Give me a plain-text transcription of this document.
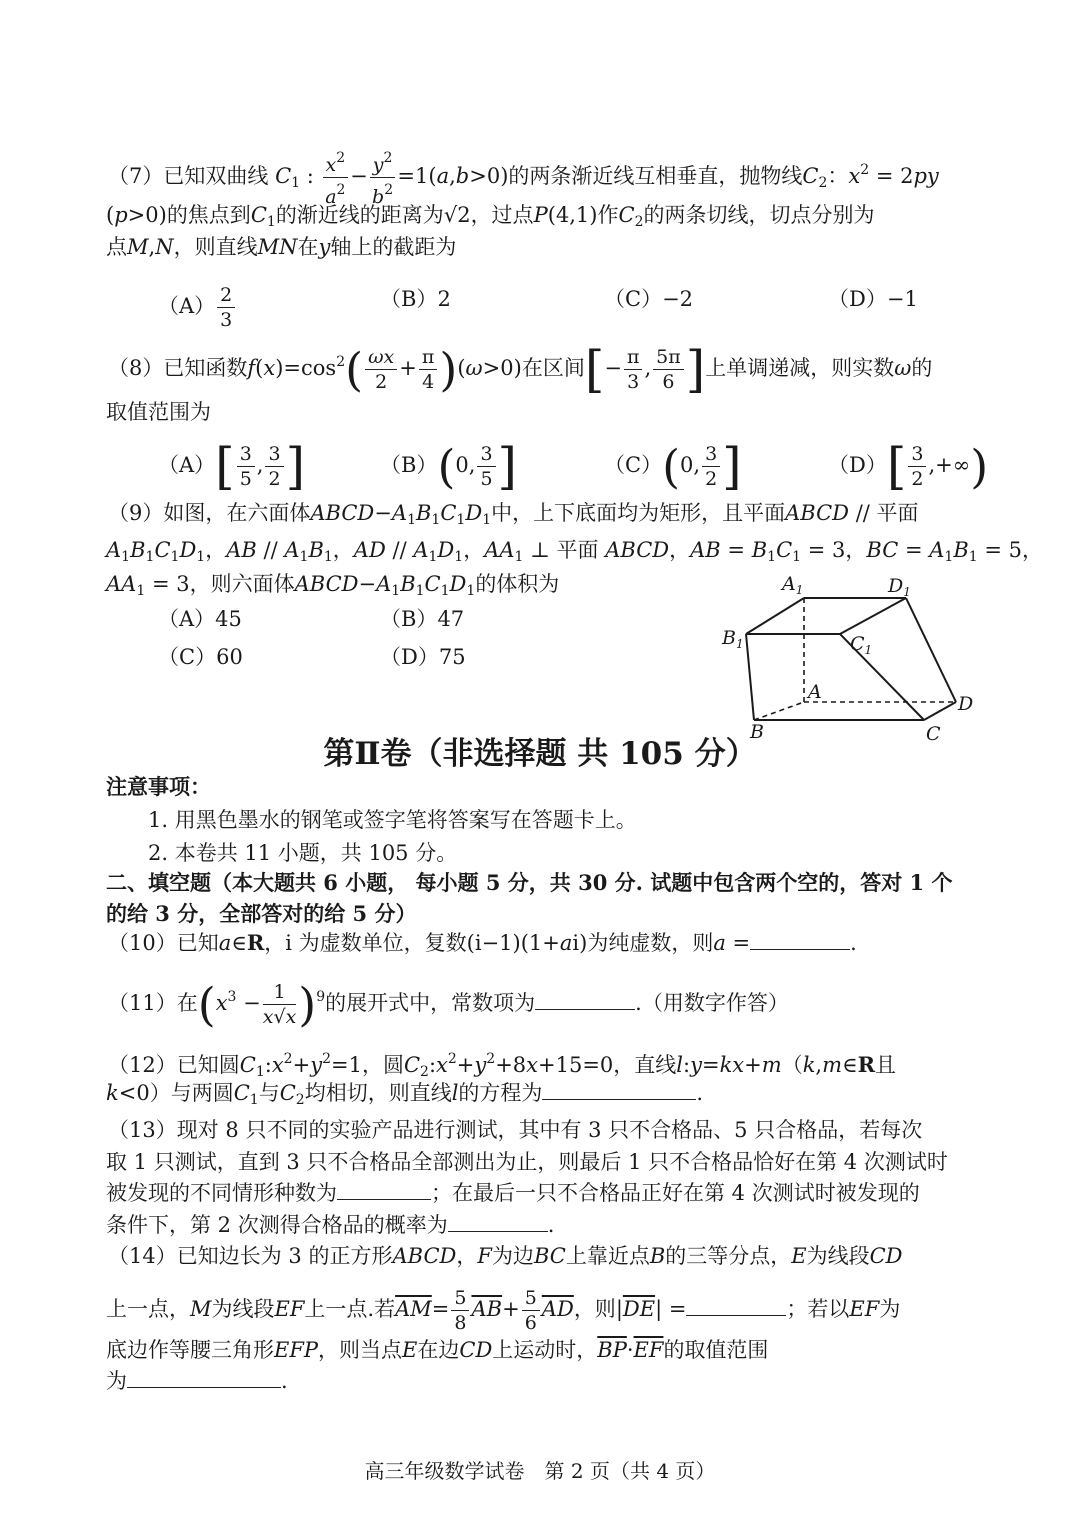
（7）已知双曲线 $C_1$ : $\frac{x^2}{a^2} - \frac{y^2}{b^2} =1(a,b>0)$的两条渐近线互相垂直，抛物线$C_2$：$x^2 = 2py$
(p>0)的焦点到$C_1$的渐近线的距离为√2，过点P(4,1)作$C_2$的两条切线，切点分别为
点M,N，则直线MN在y轴上的截距为
$(A) \frac{2}{3}$	（B）2	（C）−2	（D）−1
（8）已知函数$f(x)=\cos^2( \frac{\omega x}{2} + \frac{\pi}{4} )(\omega>0)$在区间[− $\frac{\pi}{3}$ , $\frac{5\pi}{6}$ ]上单调递减，则实数ω的
取值范围为
$(A)[ \frac{3}{5}$ , $\frac{3}{2}$ ]	（B）(0, $\frac{3}{5}$ ]	（C）(0, $\frac{3}{2}$ ]	$(D)[ \frac{3}{2}$ ,+∞)
（9）如图，在六面体$ABCD-A_1B_1C_1D_1$中，上下底面均为矩形，且平面ABCD // 平面
$A_1B_1C_1D_1$，AB // $A_1B_1$，AD // $A_1D_1$，$AA_1$ ⊥ 平面 ABCD，AB = $B_1C_1 = 3$，BC = $A_1B_1 = 5$，
$AA_1 = 3$，则六面体$ABCD-A_1B_1C_1D_1$的体积为
（A）45	（B）47
（C）60	（D）75
$A_1$	$D_1$
$B_1$	$C_1$
A
D
B	C
第Ⅱ卷（非选择题 共 105 分）
注意事项：
1. 用黑色墨水的钢笔或签字笔将答案写在答题卡上。
2. 本卷共 11 小题，共 105 分。
二、填空题（本大题共 6 小题， 每小题 5 分，共 30 分. 试题中包含两个空的，答对 1 个
的给 3 分，全部答对的给 5 分）
（10）已知a∈R，i 为虚数单位，复数(i−1)(1+ai)为纯虚数，则a =	.
（11）在$(x^3 - \frac{1}{x√x} )^9$的展开式中，常数项为	.（用数字作答）
（12）已知圆$C_1:x^2+y^2=1$，圆$C_2:x^2+y^2+8x+15=0$，直线l:y=kx+m（k,m∈R且
k<0）与两圆$C_1$与$C_2$均相切，则直线l的方程为	.
（13）现对 8 只不同的实验产品进行测试，其中有 3 只不合格品、5 只合格品，若每次
取 1 只测试，直到 3 只不合格品全部测出为止，则最后 1 只不合格品恰好在第 4 次测试时
被发现的不同情形种数为	；在最后一只不合格品正好在第 4 次测试时被发现的
条件下，第 2 次测得合格品的概率为	.
（14）已知边长为 3 的正方形ABCD，F为边BC上靠近点B的三等分点，E为线段CD
上一点，M为线段EF上一点.若$\overline{AM}= \frac{5}{8} \overline{AB}+ \frac{5}{6} \overline{AD}$，则$|\overline{DE}|$ =	；若以EF为
底边作等腰三角形EFP，则当点E在边CD上运动时，$\overline{BP}\cdot\overline{EF}$的取值范围
为	.
高三年级数学试卷　第 2 页（共 4 页）
